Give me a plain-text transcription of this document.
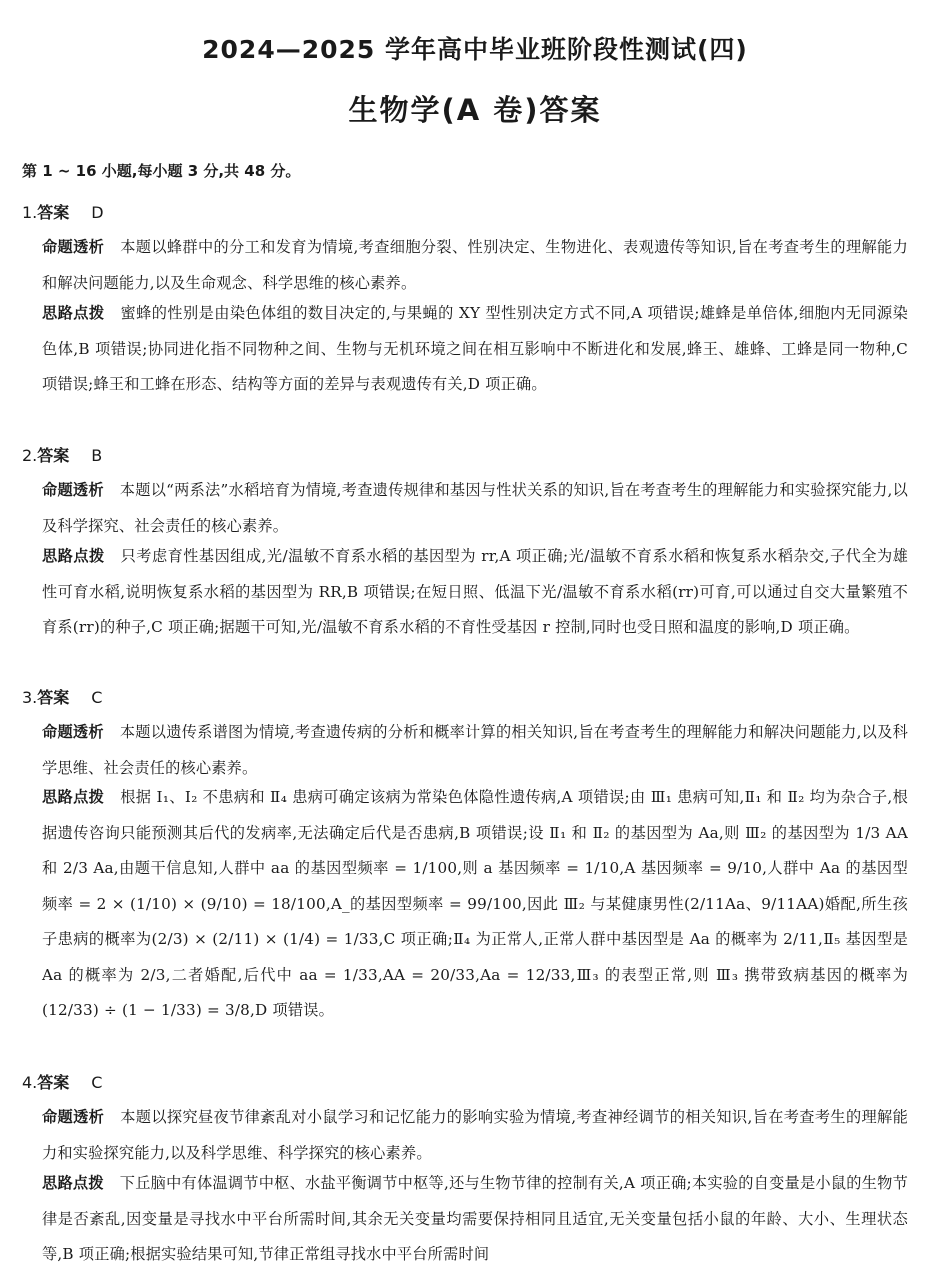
2024—2025 学年高中毕业班阶段性测试(四)
生物学(A 卷)答案
第 1 ~ 16 小题,每小题 3 分,共 48 分。
1.答案 D
命题透析 本题以蜂群中的分工和发育为情境,考查细胞分裂、性别决定、生物进化、表观遗传等知识,旨在考查考生的理解能力和解决问题能力,以及生命观念、科学思维的核心素养。
思路点拨 蜜蜂的性别是由染色体组的数目决定的,与果蝇的 XY 型性别决定方式不同,A 项错误;雄蜂是单倍体,细胞内无同源染色体,B 项错误;协同进化指不同物种之间、生物与无机环境之间在相互影响中不断进化和发展,蜂王、雄蜂、工蜂是同一物种,C 项错误;蜂王和工蜂在形态、结构等方面的差异与表观遗传有关,D 项正确。
2.答案 B
命题透析 本题以“两系法”水稻培育为情境,考查遗传规律和基因与性状关系的知识,旨在考查考生的理解能力和实验探究能力,以及科学探究、社会责任的核心素养。
思路点拨 只考虑育性基因组成,光/温敏不育系水稻的基因型为 rr,A 项正确;光/温敏不育系水稻和恢复系水稻杂交,子代全为雄性可育水稻,说明恢复系水稻的基因型为 RR,B 项错误;在短日照、低温下光/温敏不育系水稻(rr)可育,可以通过自交大量繁殖不育系(rr)的种子,C 项正确;据题干可知,光/温敏不育系水稻的不育性受基因 r 控制,同时也受日照和温度的影响,D 项正确。
3.答案 C
命题透析 本题以遗传系谱图为情境,考查遗传病的分析和概率计算的相关知识,旨在考查考生的理解能力和解决问题能力,以及科学思维、社会责任的核心素养。
思路点拨 根据 Ⅰ₁、Ⅰ₂ 不患病和 Ⅱ₄ 患病可确定该病为常染色体隐性遗传病,A 项错误;由 Ⅲ₁ 患病可知,Ⅱ₁ 和 Ⅱ₂ 均为杂合子,根据遗传咨询只能预测其后代的发病率,无法确定后代是否患病,B 项错误;设 Ⅱ₁ 和 Ⅱ₂ 的基因型为 Aa,则 Ⅲ₂ 的基因型为 1/3 AA 和 2/3 Aa,由题干信息知,人群中 aa 的基因型频率 = 1/100,则 a 基因频率 = 1/10,A 基因频率 = 9/10,人群中 Aa 的基因型频率 = 2 × (1/10) × (9/10) = 18/100,A_的基因型频率 = 99/100,因此 Ⅲ₂ 与某健康男性(2/11Aa、9/11AA)婚配,所生孩子患病的概率为(2/3) × (2/11) × (1/4) = 1/33,C 项正确;Ⅱ₄ 为正常人,正常人群中基因型是 Aa 的概率为 2/11,Ⅱ₅ 基因型是 Aa 的概率为 2/3,二者婚配,后代中 aa = 1/33,AA = 20/33,Aa = 12/33,Ⅲ₃ 的表型正常,则 Ⅲ₃ 携带致病基因的概率为(12/33) ÷ (1 − 1/33) = 3/8,D 项错误。
4.答案 C
命题透析 本题以探究昼夜节律紊乱对小鼠学习和记忆能力的影响实验为情境,考查神经调节的相关知识,旨在考查考生的理解能力和实验探究能力,以及科学思维、科学探究的核心素养。
思路点拨 下丘脑中有体温调节中枢、水盐平衡调节中枢等,还与生物节律的控制有关,A 项正确;本实验的自变量是小鼠的生物节律是否紊乱,因变量是寻找水中平台所需时间,其余无关变量均需要保持相同且适宜,无关变量包括小鼠的年龄、大小、生理状态等,B 项正确;根据实验结果可知,节律正常组寻找水中平台所需时间
